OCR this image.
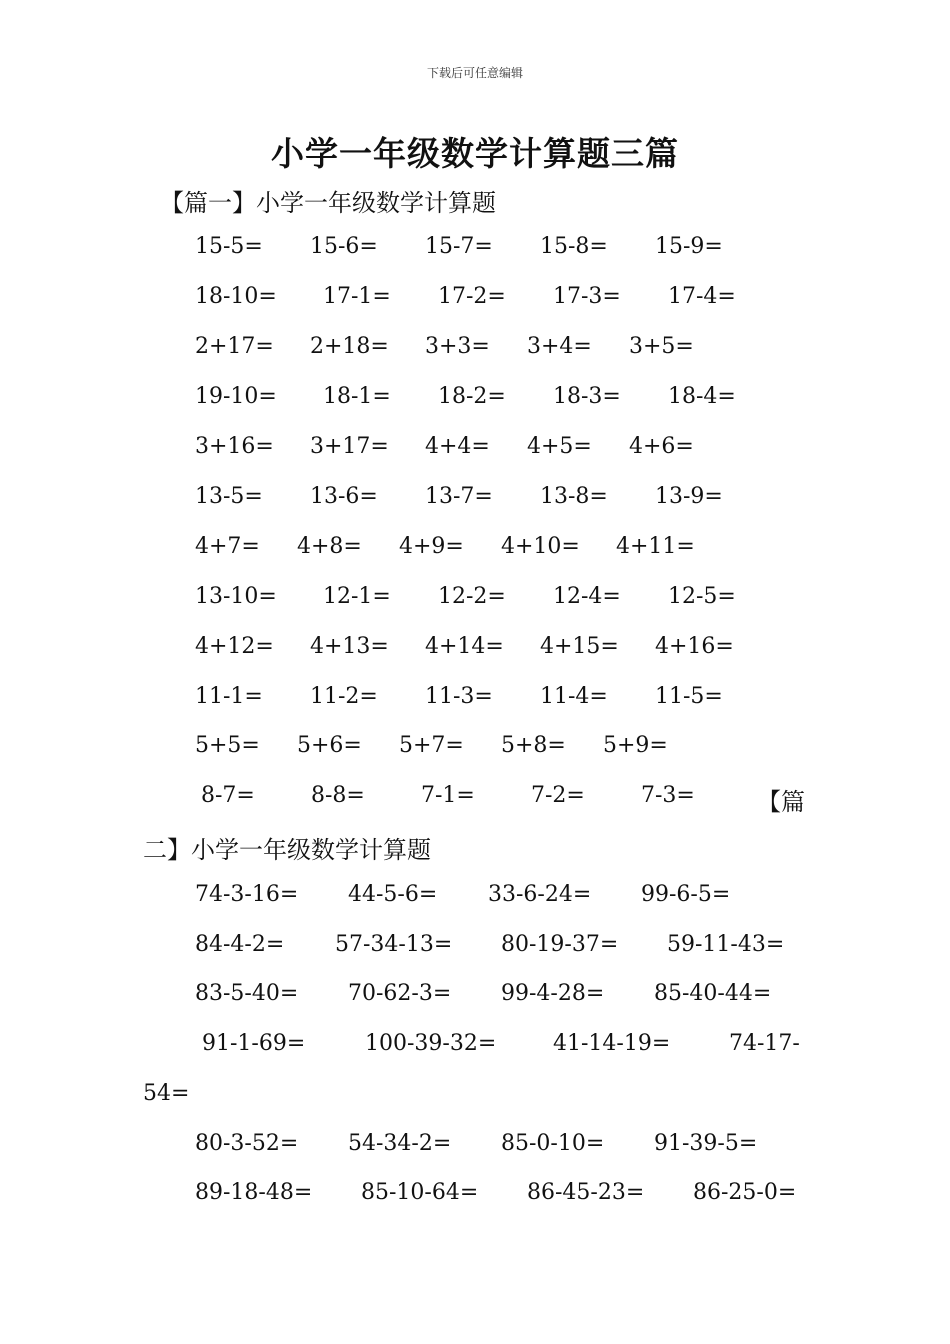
下载后可任意编辑
小学一年级数学计算题三篇
【篇一】小学一年级数学计算题
15-5= 15-6= 15-7= 15-8= 15-9=
18-10= 17-1= 17-2= 17-3= 17-4=
2+17= 2+18= 3+3= 3+4= 3+5=
19-10= 18-1= 18-2= 18-3= 18-4=
3+16= 3+17= 4+4= 4+5= 4+6=
13-5= 13-6= 13-7= 13-8= 13-9=
4+7= 4+8= 4+9= 4+10= 4+11=
13-10= 12-1= 12-2= 12-4= 12-5=
4+12= 4+13= 4+14= 4+15= 4+16=
11-1= 11-2= 11-3= 11-4= 11-5=
5+5= 5+6= 5+7= 5+8= 5+9=
8-7=	8-8=	7-1=	7-2=	7-3=	【篇
二】小学一年级数学计算题
74-3-16= 44-5-6= 33-6-24= 99-6-5=
84-4-2= 57-34-13= 80-19-37= 59-11-43=
83-5-40= 70-62-3= 99-4-28= 85-40-44=
91-1-69=	100-39-32=	41-14-19=	74-17-
54=
80-3-52= 54-34-2= 85-0-10= 91-39-5=
89-18-48= 85-10-64= 86-45-23= 86-25-0=
